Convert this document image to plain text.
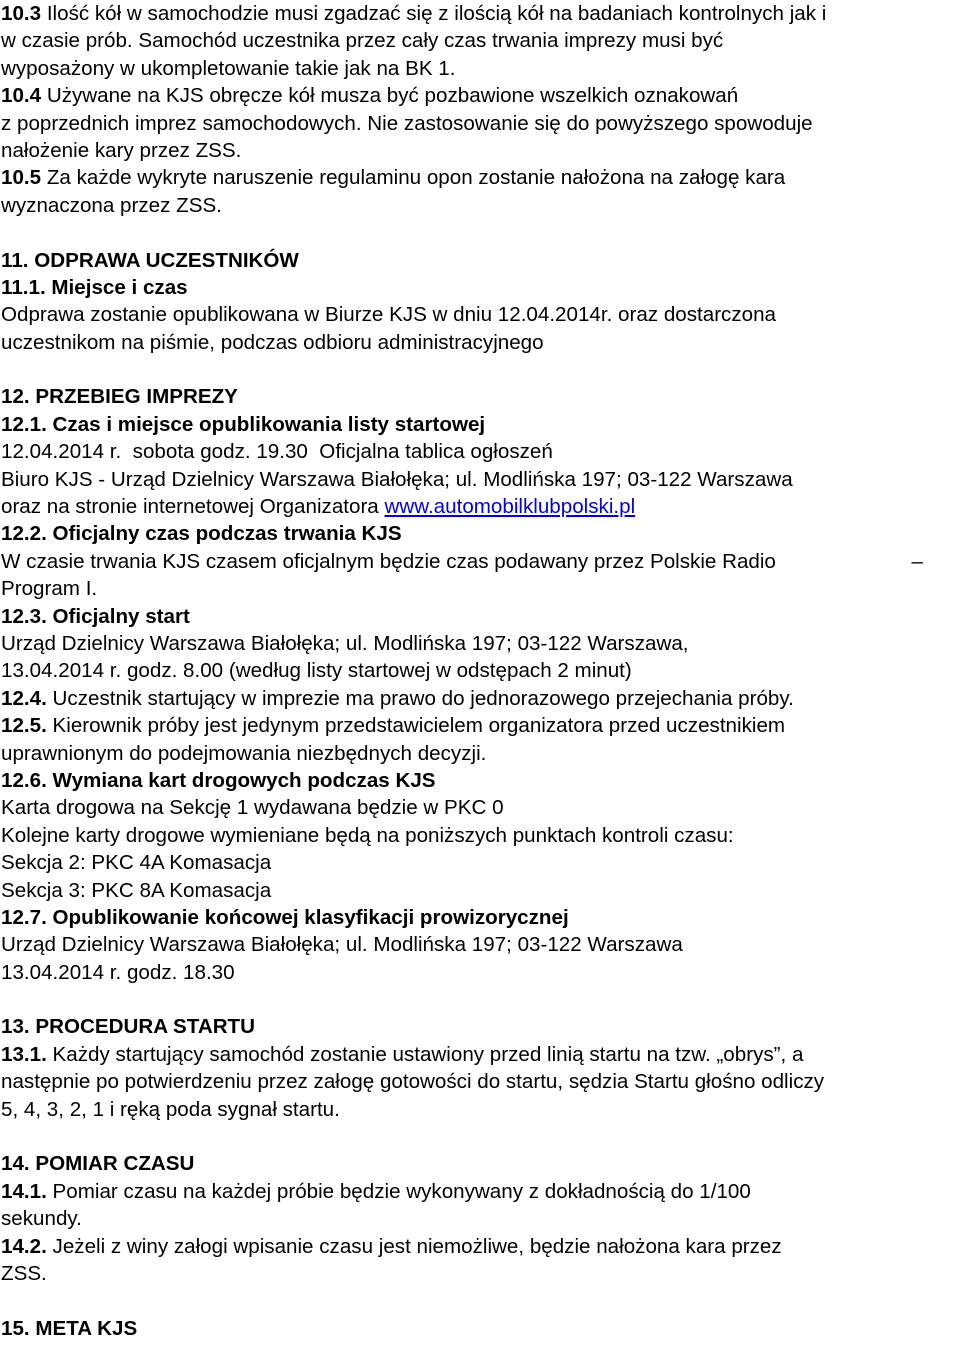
10.3 Ilość kół w samochodzie musi zgadzać się z ilością kół na badaniach kontrolnych jak i
w czasie prób. Samochód uczestnika przez cały czas trwania imprezy musi być
wyposażony w ukompletowanie takie jak na BK 1.
10.4 Używane na KJS obręcze kół musza być pozbawione wszelkich oznakowań
z poprzednich imprez samochodowych. Nie zastosowanie się do powyższego spowoduje
nałożenie kary przez ZSS.
10.5 Za każde wykryte naruszenie regulaminu opon zostanie nałożona na załogę kara
wyznaczona przez ZSS.
11. ODPRAWA UCZESTNIKÓW
11.1. Miejsce i czas
Odprawa zostanie opublikowana w Biurze KJS w dniu 12.04.2014r. oraz dostarczona
uczestnikom na piśmie, podczas odbioru administracyjnego
12. PRZEBIEG IMPREZY
12.1. Czas i miejsce opublikowania listy startowej
12.04.2014 r.  sobota godz. 19.30  Oficjalna tablica ogłoszeń
Biuro KJS - Urząd Dzielnicy Warszawa Białołęka; ul. Modlińska 197; 03-122 Warszawa
oraz na stronie internetowej Organizatora www.automobilklubpolski.pl
12.2. Oficjalny czas podczas trwania KJS
W czasie trwania KJS czasem oficjalnym będzie czas podawany przez Polskie Radio	–
Program I.
12.3. Oficjalny start
Urząd Dzielnicy Warszawa Białołęka; ul. Modlińska 197; 03-122 Warszawa,
13.04.2014 r. godz. 8.00 (według listy startowej w odstępach 2 minut)
12.4. Uczestnik startujący w imprezie ma prawo do jednorazowego przejechania próby.
12.5. Kierownik próby jest jedynym przedstawicielem organizatora przed uczestnikiem
uprawnionym do podejmowania niezbędnych decyzji.
12.6. Wymiana kart drogowych podczas KJS
Karta drogowa na Sekcję 1 wydawana będzie w PKC 0
Kolejne karty drogowe wymieniane będą na poniższych punktach kontroli czasu:
Sekcja 2: PKC 4A Komasacja
Sekcja 3: PKC 8A Komasacja
12.7. Opublikowanie końcowej klasyfikacji prowizorycznej
Urząd Dzielnicy Warszawa Białołęka; ul. Modlińska 197; 03-122 Warszawa
13.04.2014 r. godz. 18.30
13. PROCEDURA STARTU
13.1. Każdy startujący samochód zostanie ustawiony przed linią startu na tzw. „obrys”, a
następnie po potwierdzeniu przez załogę gotowości do startu, sędzia Startu głośno odliczy
5, 4, 3, 2, 1 i ręką poda sygnał startu.
14. POMIAR CZASU
14.1. Pomiar czasu na każdej próbie będzie wykonywany z dokładnością do 1/100
sekundy.
14.2. Jeżeli z winy załogi wpisanie czasu jest niemożliwe, będzie nałożona kara przez
ZSS.
15. META KJS
